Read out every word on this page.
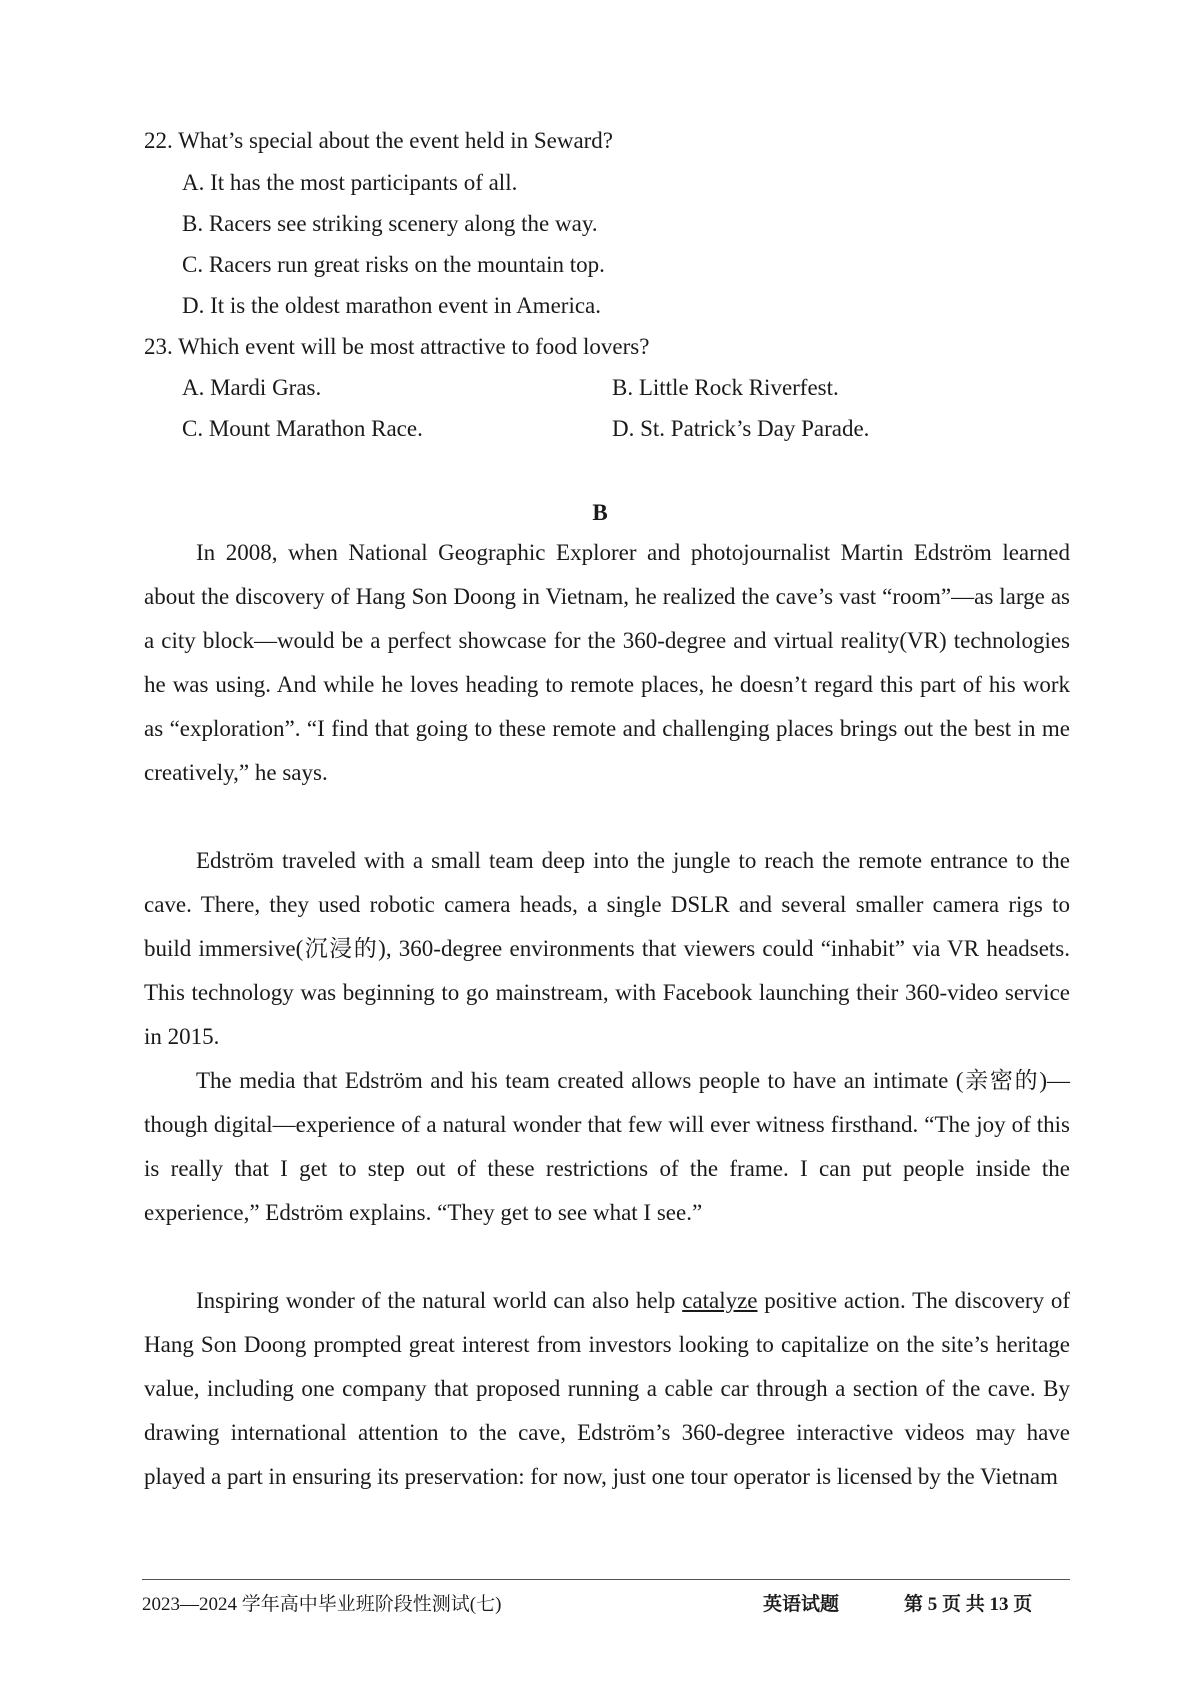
22. What’s special about the event held in Seward?
A. It has the most participants of all.
B. Racers see striking scenery along the way.
C. Racers run great risks on the mountain top.
D. It is the oldest marathon event in America.
23. Which event will be most attractive to food lovers?
A. Mardi Gras.	B. Little Rock Riverfest.
C. Mount Marathon Race.	D. St. Patrick’s Day Parade.
B
In 2008, when National Geographic Explorer and photojournalist Martin Edström learned about the discovery of Hang Son Doong in Vietnam, he realized the cave’s vast “room”—as large as a city block—would be a perfect showcase for the 360-degree and virtual reality(VR) technologies he was using. And while he loves heading to remote places, he doesn’t regard this part of his work as “exploration”. “I find that going to these remote and challenging places brings out the best in me creatively,” he says.
Edström traveled with a small team deep into the jungle to reach the remote entrance to the cave. There, they used robotic camera heads, a single DSLR and several smaller camera rigs to build immersive(沉浸的), 360-degree environments that viewers could “inhabit” via VR headsets. This technology was beginning to go mainstream, with Facebook launching their 360-video service in 2015.
The media that Edström and his team created allows people to have an intimate (亲密的)—though digital—experience of a natural wonder that few will ever witness firsthand. “The joy of this is really that I get to step out of these restrictions of the frame. I can put people inside the experience,” Edström explains. “They get to see what I see.”
Inspiring wonder of the natural world can also help catalyze positive action. The discovery of Hang Son Doong prompted great interest from investors looking to capitalize on the site’s heritage value, including one company that proposed running a cable car through a section of the cave. By drawing international attention to the cave, Edström’s 360-degree interactive videos may have played a part in ensuring its preservation: for now, just one tour operator is licensed by the Vietnam
2023—2024 学年高中毕业班阶段性测试(七)	英语试题	第 5 页 共 13 页
